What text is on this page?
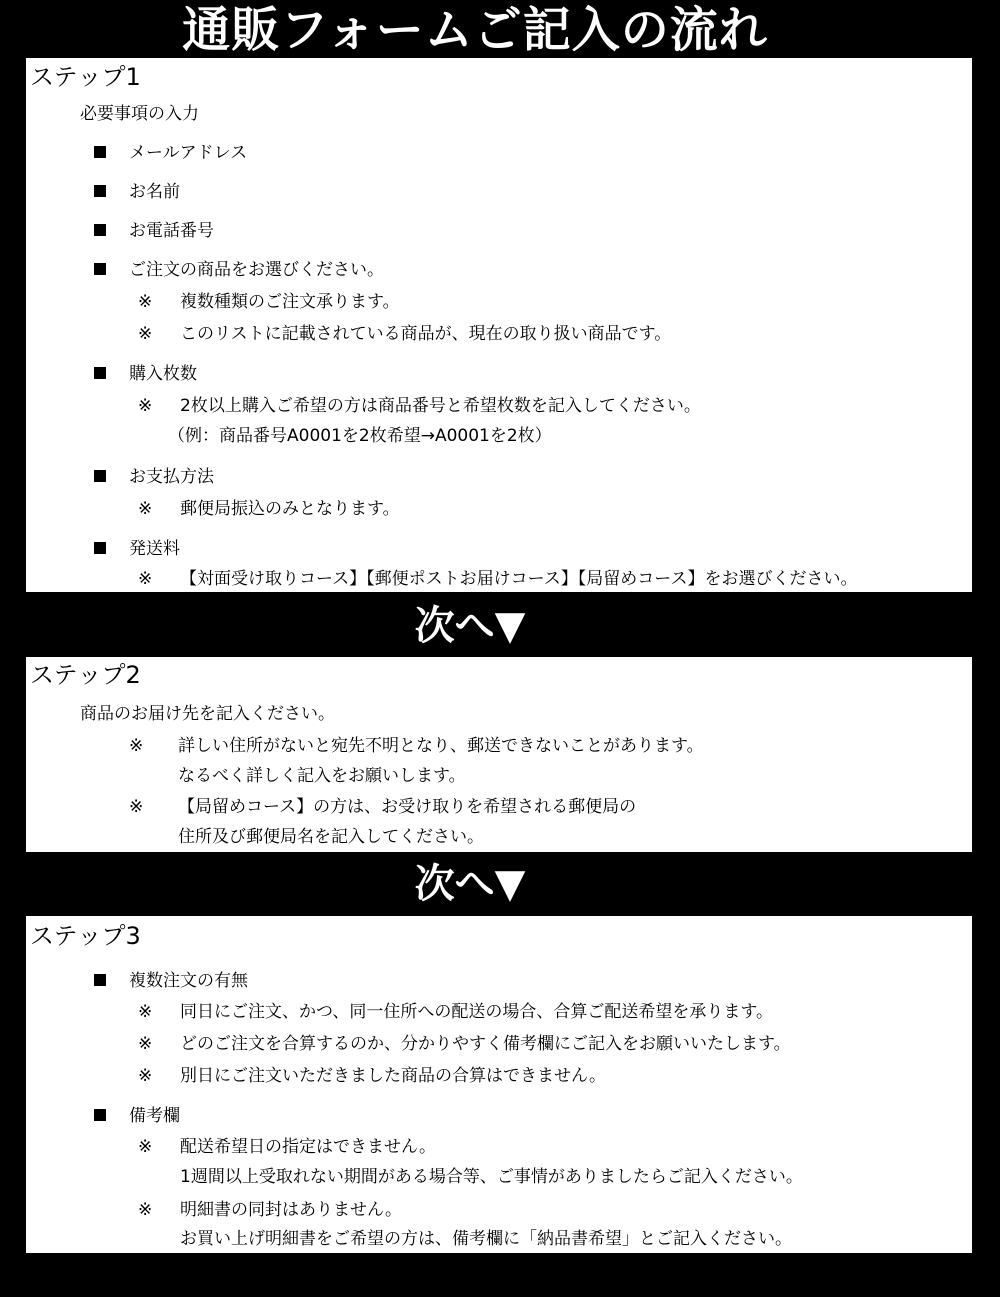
通販フォームご記入の流れ
ステップ1
必要事項の入力
メールアドレス
お名前
お電話番号
ご注文の商品をお選びください。
※ 複数種類のご注文承ります。
※ このリストに記載されている商品が、現在の取り扱い商品です。
購入枚数
※ 2枚以上購入ご希望の方は商品番号と希望枚数を記入してください。
（例：商品番号A0001を2枚希望→A0001を2枚）
お支払方法
※ 郵便局振込のみとなります。
発送料
※ 【対面受け取りコース】【郵便ポストお届けコース】【局留めコース】をお選びください。
次へ▼
ステップ2
商品のお届け先を記入ください。
※ 詳しい住所がないと宛先不明となり、郵送できないことがあります。
なるべく詳しく記入をお願いします。
※ 【局留めコース】の方は、お受け取りを希望される郵便局の
住所及び郵便局名を記入してください。
次へ▼
ステップ3
複数注文の有無
※ 同日にご注文、かつ、同一住所への配送の場合、合算ご配送希望を承ります。
※ どのご注文を合算するのか、分かりやすく備考欄にご記入をお願いいたします。
※ 別日にご注文いただきました商品の合算はできません。
備考欄
※ 配送希望日の指定はできません。
1週間以上受取れない期間がある場合等、ご事情がありましたらご記入ください。
※ 明細書の同封はありません。
お買い上げ明細書をご希望の方は、備考欄に「納品書希望」とご記入ください。
